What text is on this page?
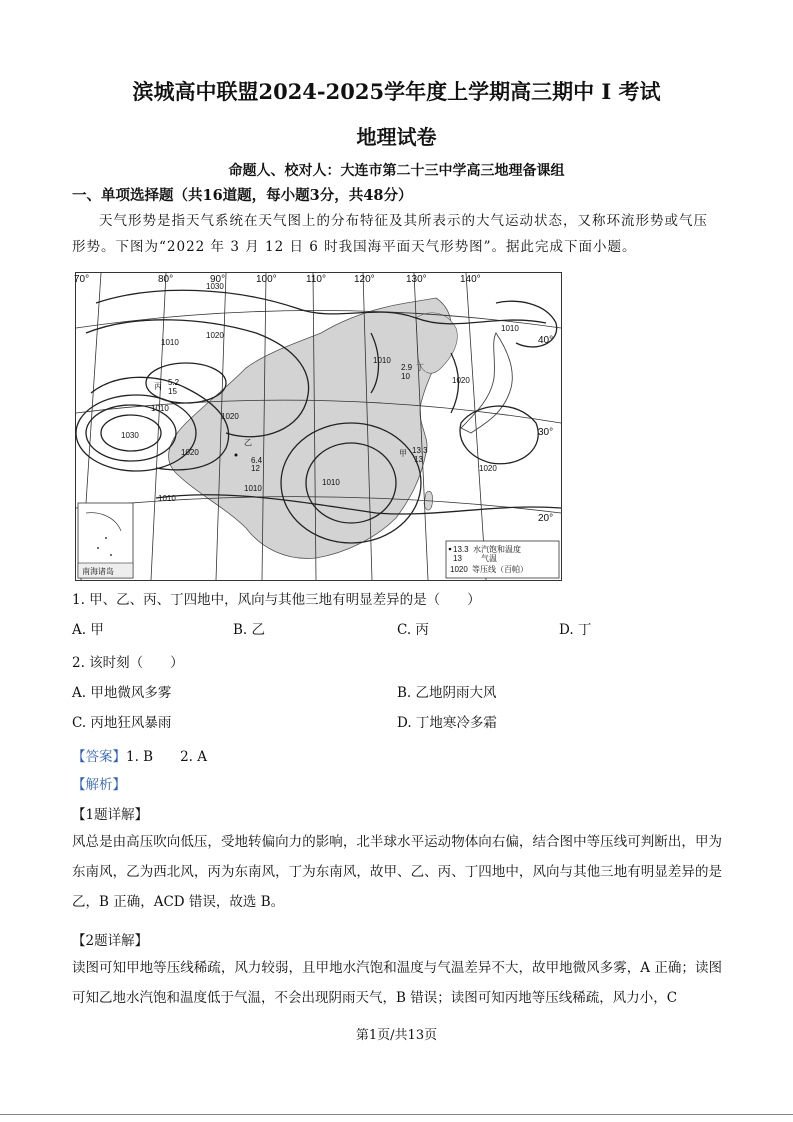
滨城高中联盟2024-2025学年度上学期高三期中 I 考试
地理试卷
命题人、校对人：大连市第二十三中学高三地理备课组
一、单项选择题（共16道题，每小题3分，共48分）
天气形势是指天气系统在天气图上的分布特征及其所表示的大气运动状态，又称环流形势或气压形势。下图为“2022 年 3 月 12 日 6 时我国海平面天气形势图”。据此完成下面小题。
70°	80°	90°	100°	110°	120°	130°	140°
1030
1020
1010
1010
1020
1030
1020
1010
1010
1010
1020
1020
1010
1010
丙 5.2
15
乙
6.4
12
2.9
10
丁
甲 13.3
13
40°
30°
20°
南海诸岛
13.3
13
水汽饱和温度
气温
1020 等压线（百帕）
1. 甲、乙、丙、丁四地中，风向与其他三地有明显差异的是（　　）
A. 甲	B. 乙	C. 丙	D. 丁
2. 该时刻（　　）
A. 甲地微风多雾	B. 乙地阴雨大风
C. 丙地狂风暴雨	D. 丁地寒冷多霜
【答案】1. B　　2. A
【解析】
【1题详解】
风总是由高压吹向低压，受地转偏向力的影响，北半球水平运动物体向右偏，结合图中等压线可判断出，甲为东南风，乙为西北风，丙为东南风，丁为东南风，故甲、乙、丙、丁四地中，风向与其他三地有明显差异的是乙，B 正确，ACD 错误，故选 B。
【2题详解】
读图可知甲地等压线稀疏，风力较弱，且甲地水汽饱和温度与气温差异不大，故甲地微风多雾，A 正确；读图可知乙地水汽饱和温度低于气温，不会出现阴雨天气，B 错误；读图可知丙地等压线稀疏，风力小，C
第1页/共13页
